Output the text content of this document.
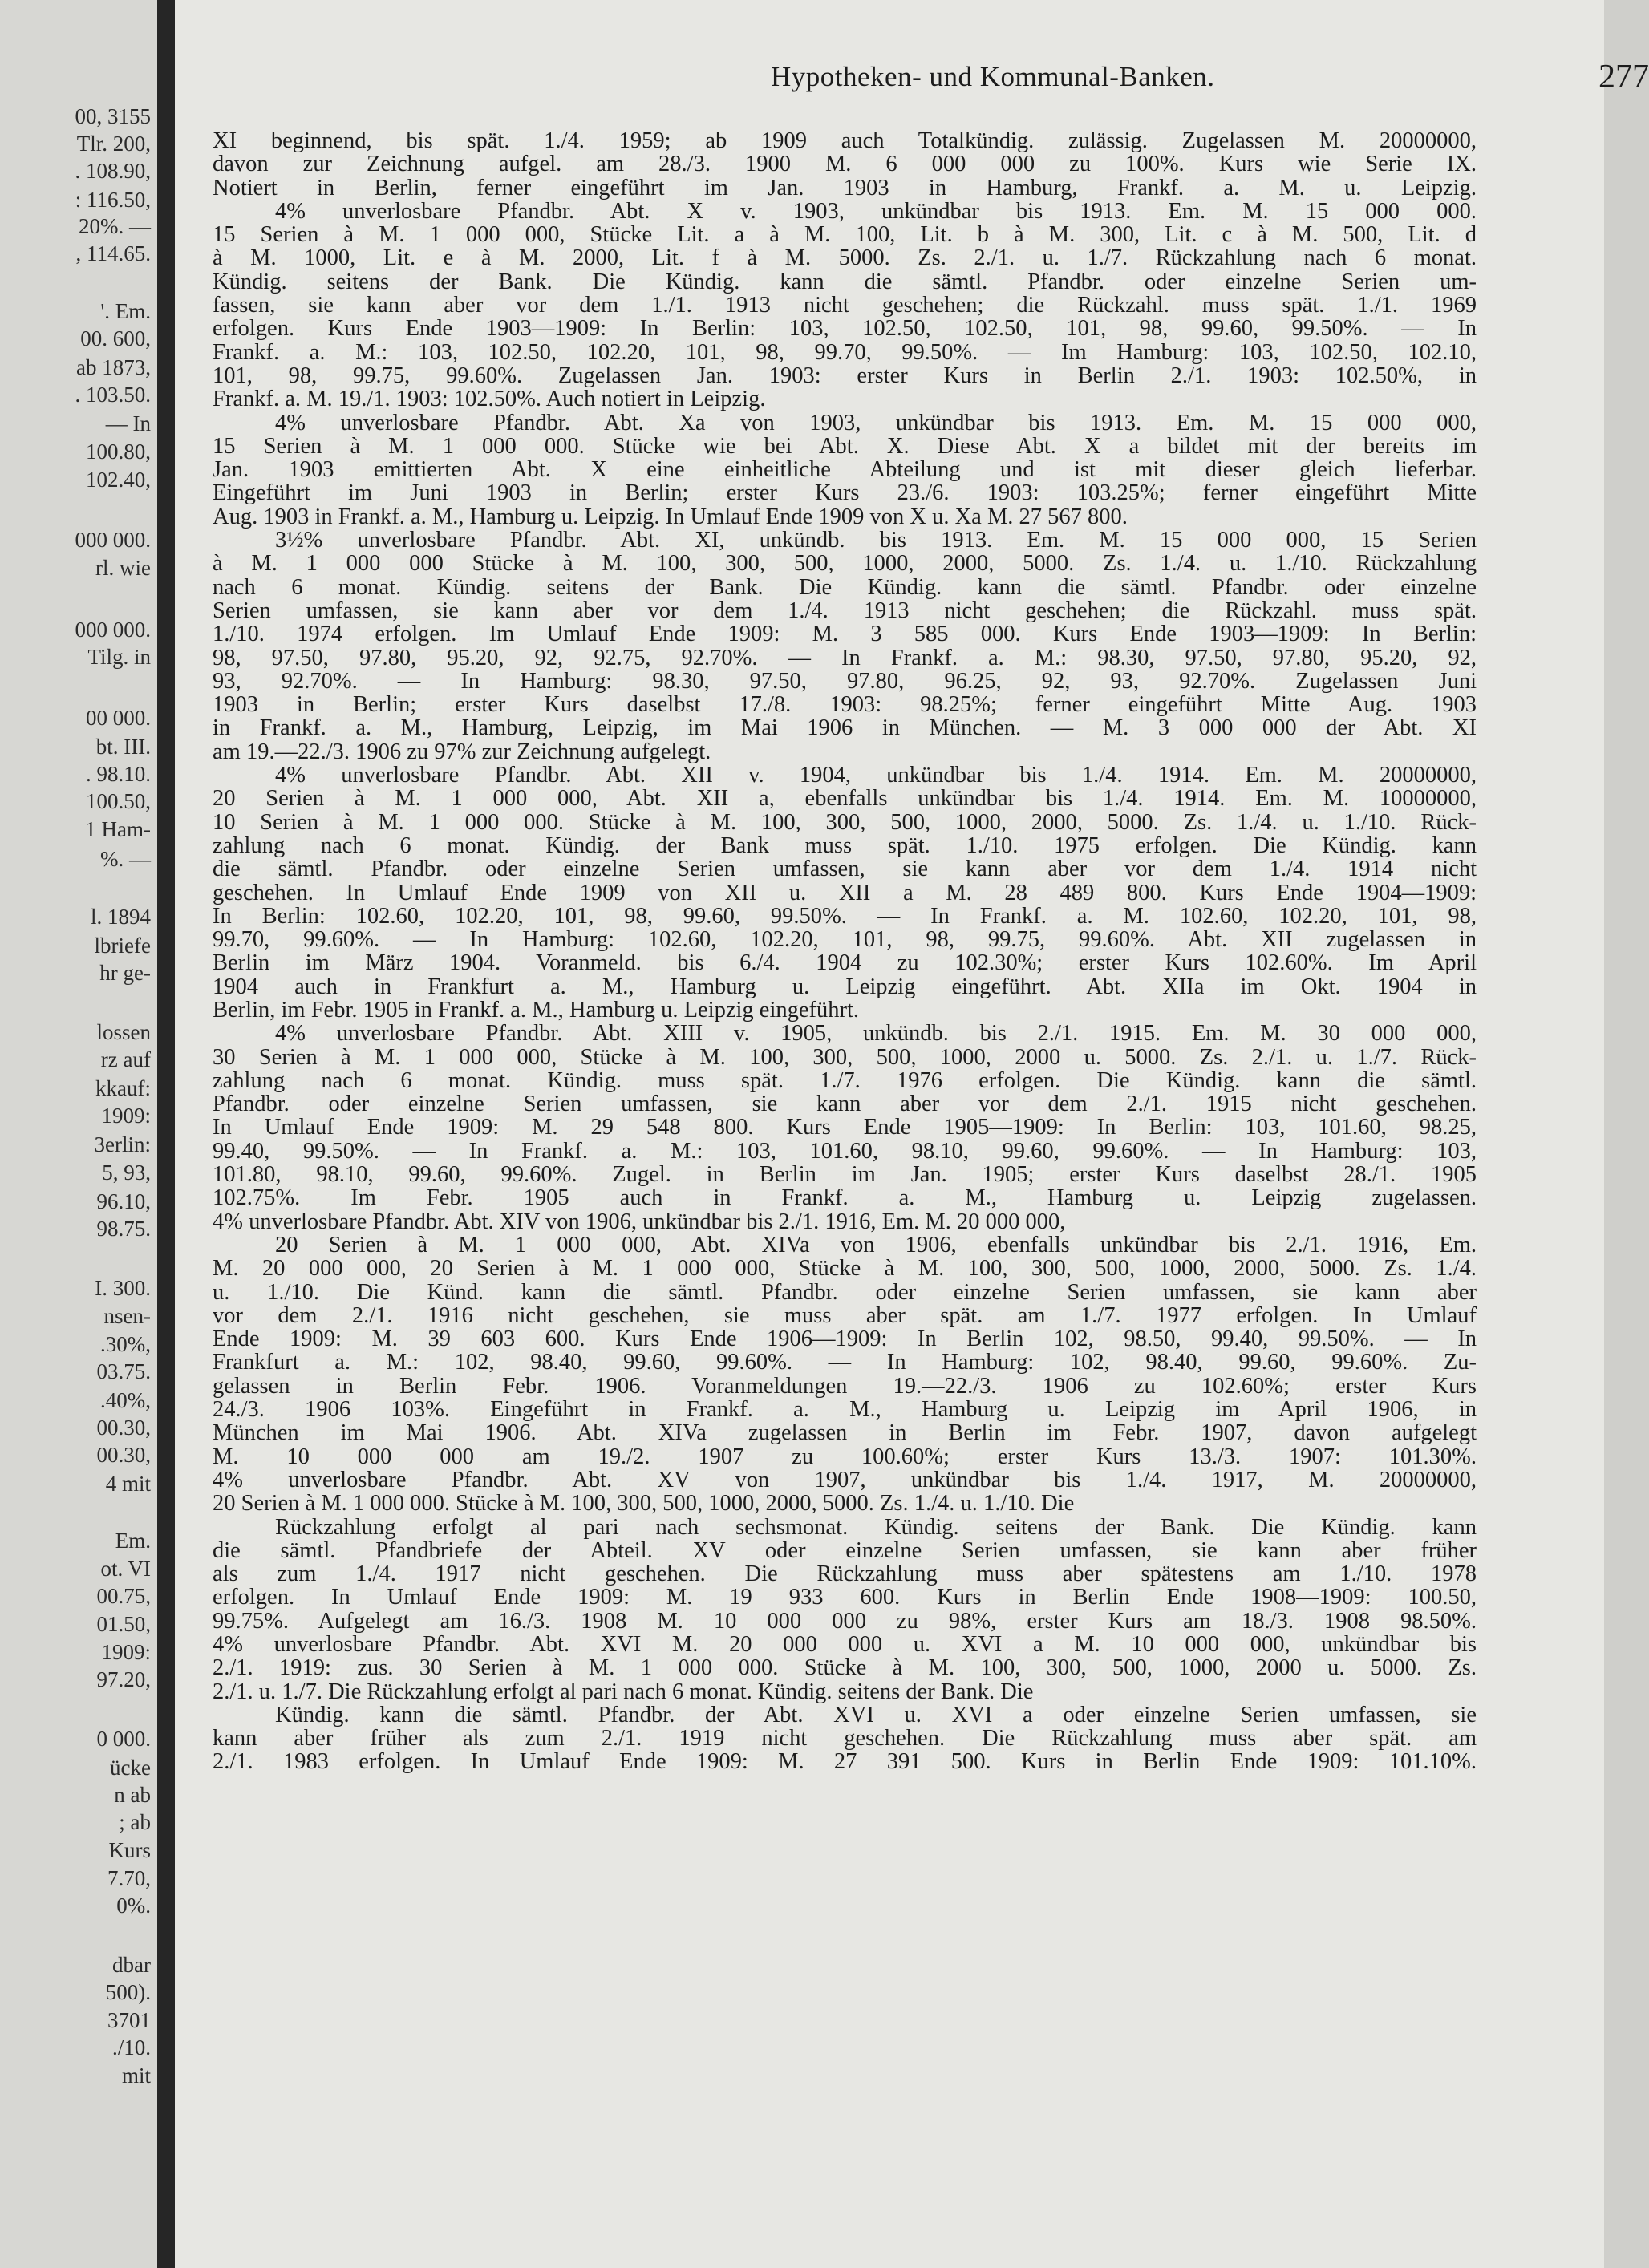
00, 3155
Tlr. 200,
. 108.90,
: 116.50,
20%. —
, 114.65.
'. Em.
00. 600,
ab 1873,
. 103.50.
— In
100.80,
102.40,
000 000.
rl. wie
000 000.
Tilg. in
00 000.
bt. III.
. 98.10.
100.50,
1 Ham-
%. —
l. 1894
lbriefe
hr ge-
lossen
rz auf
kkauf:
1909:
3erlin:
5, 93,
96.10,
98.75.
I. 300.
nsen-
.30%,
03.75.
.40%,
00.30,
00.30,
4 mit
Em.
ot. VI
00.75,
01.50,
1909:
97.20,
0 000.
ücke
n ab
; ab
Kurs
7.70,
0%.
dbar
500).
3701
./10.
mit
Hypotheken- und Kommunal-Banken.	277
XI beginnend, bis spät. 1./4. 1959; ab 1909 auch Totalkündig. zulässig. Zugelassen M. 20000000,
davon zur Zeichnung aufgel. am 28./3. 1900 M. 6 000 000 zu 100%. Kurs wie Serie IX.
Notiert in Berlin, ferner eingeführt im Jan. 1903 in Hamburg, Frankf. a. M. u. Leipzig.
4% unverlosbare Pfandbr. Abt. X v. 1903, unkündbar bis 1913. Em. M. 15 000 000.
15 Serien à M. 1 000 000, Stücke Lit. a à M. 100, Lit. b à M. 300, Lit. c à M. 500, Lit. d
à M. 1000, Lit. e à M. 2000, Lit. f à M. 5000. Zs. 2./1. u. 1./7. Rückzahlung nach 6 monat.
Kündig. seitens der Bank. Die Kündig. kann die sämtl. Pfandbr. oder einzelne Serien um-
fassen, sie kann aber vor dem 1./1. 1913 nicht geschehen; die Rückzahl. muss spät. 1./1. 1969
erfolgen. Kurs Ende 1903—1909: In Berlin: 103, 102.50, 102.50, 101, 98, 99.60, 99.50%. — In
Frankf. a. M.: 103, 102.50, 102.20, 101, 98, 99.70, 99.50%. — Im Hamburg: 103, 102.50, 102.10,
101, 98, 99.75, 99.60%. Zugelassen Jan. 1903: erster Kurs in Berlin 2./1. 1903: 102.50%, in
Frankf. a. M. 19./1. 1903: 102.50%. Auch notiert in Leipzig.
4% unverlosbare Pfandbr. Abt. Xa von 1903, unkündbar bis 1913. Em. M. 15 000 000,
15 Serien à M. 1 000 000. Stücke wie bei Abt. X. Diese Abt. X a bildet mit der bereits im
Jan. 1903 emittierten Abt. X eine einheitliche Abteilung und ist mit dieser gleich lieferbar.
Eingeführt im Juni 1903 in Berlin; erster Kurs 23./6. 1903: 103.25%; ferner eingeführt Mitte
Aug. 1903 in Frankf. a. M., Hamburg u. Leipzig. In Umlauf Ende 1909 von X u. Xa M. 27 567 800.
3½% unverlosbare Pfandbr. Abt. XI, unkündb. bis 1913. Em. M. 15 000 000, 15 Serien
à M. 1 000 000 Stücke à M. 100, 300, 500, 1000, 2000, 5000. Zs. 1./4. u. 1./10. Rückzahlung
nach 6 monat. Kündig. seitens der Bank. Die Kündig. kann die sämtl. Pfandbr. oder einzelne
Serien umfassen, sie kann aber vor dem 1./4. 1913 nicht geschehen; die Rückzahl. muss spät.
1./10. 1974 erfolgen. Im Umlauf Ende 1909: M. 3 585 000. Kurs Ende 1903—1909: In Berlin:
98, 97.50, 97.80, 95.20, 92, 92.75, 92.70%. — In Frankf. a. M.: 98.30, 97.50, 97.80, 95.20, 92,
93, 92.70%. — In Hamburg: 98.30, 97.50, 97.80, 96.25, 92, 93, 92.70%. Zugelassen Juni
1903 in Berlin; erster Kurs daselbst 17./8. 1903: 98.25%; ferner eingeführt Mitte Aug. 1903
in Frankf. a. M., Hamburg, Leipzig, im Mai 1906 in München. — M. 3 000 000 der Abt. XI
am 19.—22./3. 1906 zu 97% zur Zeichnung aufgelegt.
4% unverlosbare Pfandbr. Abt. XII v. 1904, unkündbar bis 1./4. 1914. Em. M. 20000000,
20 Serien à M. 1 000 000, Abt. XII a, ebenfalls unkündbar bis 1./4. 1914. Em. M. 10000000,
10 Serien à M. 1 000 000. Stücke à M. 100, 300, 500, 1000, 2000, 5000. Zs. 1./4. u. 1./10. Rück-
zahlung nach 6 monat. Kündig. der Bank muss spät. 1./10. 1975 erfolgen. Die Kündig. kann
die sämtl. Pfandbr. oder einzelne Serien umfassen, sie kann aber vor dem 1./4. 1914 nicht
geschehen. In Umlauf Ende 1909 von XII u. XII a M. 28 489 800. Kurs Ende 1904—1909:
In Berlin: 102.60, 102.20, 101, 98, 99.60, 99.50%. — In Frankf. a. M. 102.60, 102.20, 101, 98,
99.70, 99.60%. — In Hamburg: 102.60, 102.20, 101, 98, 99.75, 99.60%. Abt. XII zugelassen in
Berlin im März 1904. Voranmeld. bis 6./4. 1904 zu 102.30%; erster Kurs 102.60%. Im April
1904 auch in Frankfurt a. M., Hamburg u. Leipzig eingeführt. Abt. XIIa im Okt. 1904 in
Berlin, im Febr. 1905 in Frankf. a. M., Hamburg u. Leipzig eingeführt.
4% unverlosbare Pfandbr. Abt. XIII v. 1905, unkündb. bis 2./1. 1915. Em. M. 30 000 000,
30 Serien à M. 1 000 000, Stücke à M. 100, 300, 500, 1000, 2000 u. 5000. Zs. 2./1. u. 1./7. Rück-
zahlung nach 6 monat. Kündig. muss spät. 1./7. 1976 erfolgen. Die Kündig. kann die sämtl.
Pfandbr. oder einzelne Serien umfassen, sie kann aber vor dem 2./1. 1915 nicht geschehen.
In Umlauf Ende 1909: M. 29 548 800. Kurs Ende 1905—1909: In Berlin: 103, 101.60, 98.25,
99.40, 99.50%. — In Frankf. a. M.: 103, 101.60, 98.10, 99.60, 99.60%. — In Hamburg: 103,
101.80, 98.10, 99.60, 99.60%. Zugel. in Berlin im Jan. 1905; erster Kurs daselbst 28./1. 1905
102.75%. Im Febr. 1905 auch in Frankf. a. M., Hamburg u. Leipzig zugelassen.
4% unverlosbare Pfandbr. Abt. XIV von 1906, unkündbar bis 2./1. 1916, Em. M. 20 000 000,
20 Serien à M. 1 000 000, Abt. XIVa von 1906, ebenfalls unkündbar bis 2./1. 1916, Em.
M. 20 000 000, 20 Serien à M. 1 000 000, Stücke à M. 100, 300, 500, 1000, 2000, 5000. Zs. 1./4.
u. 1./10. Die Künd. kann die sämtl. Pfandbr. oder einzelne Serien umfassen, sie kann aber
vor dem 2./1. 1916 nicht geschehen, sie muss aber spät. am 1./7. 1977 erfolgen. In Umlauf
Ende 1909: M. 39 603 600. Kurs Ende 1906—1909: In Berlin 102, 98.50, 99.40, 99.50%. — In
Frankfurt a. M.: 102, 98.40, 99.60, 99.60%. — In Hamburg: 102, 98.40, 99.60, 99.60%. Zu-
gelassen in Berlin Febr. 1906. Voranmeldungen 19.—22./3. 1906 zu 102.60%; erster Kurs
24./3. 1906 103%. Eingeführt in Frankf. a. M., Hamburg u. Leipzig im April 1906, in
München im Mai 1906. Abt. XIVa zugelassen in Berlin im Febr. 1907, davon aufgelegt
M. 10 000 000 am 19./2. 1907 zu 100.60%; erster Kurs 13./3. 1907: 101.30%.
4% unverlosbare Pfandbr. Abt. XV von 1907, unkündbar bis 1./4. 1917, M. 20000000,
20 Serien à M. 1 000 000. Stücke à M. 100, 300, 500, 1000, 2000, 5000. Zs. 1./4. u. 1./10. Die
Rückzahlung erfolgt al pari nach sechsmonat. Kündig. seitens der Bank. Die Kündig. kann
die sämtl. Pfandbriefe der Abteil. XV oder einzelne Serien umfassen, sie kann aber früher
als zum 1./4. 1917 nicht geschehen. Die Rückzahlung muss aber spätestens am 1./10. 1978
erfolgen. In Umlauf Ende 1909: M. 19 933 600. Kurs in Berlin Ende 1908—1909: 100.50,
99.75%. Aufgelegt am 16./3. 1908 M. 10 000 000 zu 98%, erster Kurs am 18./3. 1908 98.50%.
4% unverlosbare Pfandbr. Abt. XVI M. 20 000 000 u. XVI a M. 10 000 000, unkündbar bis
2./1. 1919: zus. 30 Serien à M. 1 000 000. Stücke à M. 100, 300, 500, 1000, 2000 u. 5000. Zs.
2./1. u. 1./7. Die Rückzahlung erfolgt al pari nach 6 monat. Kündig. seitens der Bank. Die
Kündig. kann die sämtl. Pfandbr. der Abt. XVI u. XVI a oder einzelne Serien umfassen, sie
kann aber früher als zum 2./1. 1919 nicht geschehen. Die Rückzahlung muss aber spät. am
2./1. 1983 erfolgen. In Umlauf Ende 1909: M. 27 391 500. Kurs in Berlin Ende 1909: 101.10%.
